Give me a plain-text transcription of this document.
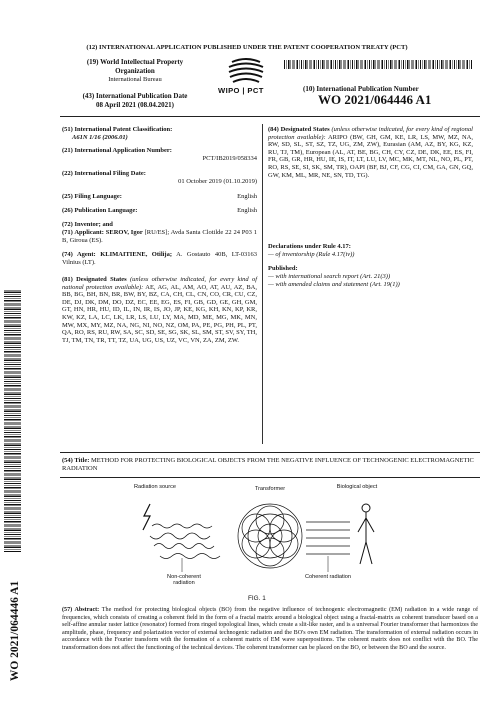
(12) INTERNATIONAL APPLICATION PUBLISHED UNDER THE PATENT COOPERATION TREATY (PCT)
(19) World Intellectual Property
Organization
International Bureau
WIPO | PCT
(43) International Publication Date
08 April 2021 (08.04.2021)
(10) International Publication Number
WO 2021/064446 A1
(51) International Patent Classification:
A61N 1/16 (2006.01)
(21) International Application Number:
PCT/IB2019/058334
(22) International Filing Date:
01 October 2019 (01.10.2019)
(25) Filing Language:	English
(26) Publication Language:	English
(72) Inventor; and
(71) Applicant: SEROV, Igor [RU/ES]; Avda Santa Clotilde 22 24 P03 1 B, Giroua (ES).
(74) Agent: KLIMAITIENE, Otilija; A. Gostauto 40B, LT-03163 Vilnius (LT).
(81) Designated States (unless otherwise indicated, for every kind of national protection available): AE, AG, AL, AM, AO, AT, AU, AZ, BA, BB, BG, BH, BN, BR, BW, BY, BZ, CA, CH, CL, CN, CO, CR, CU, CZ, DE, DJ, DK, DM, DO, DZ, EC, EE, EG, ES, FI, GB, GD, GE, GH, GM, GT, HN, HR, HU, ID, IL, IN, IR, IS, JO, JP, KE, KG, KH, KN, KP, KR, KW, KZ, LA, LC, LK, LR, LS, LU, LY, MA, MD, ME, MG, MK, MN, MW, MX, MY, MZ, NA, NG, NI, NO, NZ, OM, PA, PE, PG, PH, PL, PT, QA, RO, RS, RU, RW, SA, SC, SD, SE, SG, SK, SL, SM, ST, SV, SY, TH, TJ, TM, TN, TR, TT, TZ, UA, UG, US, UZ, VC, VN, ZA, ZM, ZW.
(84) Designated States (unless otherwise indicated, for every kind of regional protection available): ARIPO (BW, GH, GM, KE, LR, LS, MW, MZ, NA, RW, SD, SL, ST, SZ, TZ, UG, ZM, ZW), Eurasian (AM, AZ, BY, KG, KZ, RU, TJ, TM), European (AL, AT, BE, BG, CH, CY, CZ, DE, DK, EE, ES, FI, FR, GB, GR, HR, HU, IE, IS, IT, LT, LU, LV, MC, MK, MT, NL, NO, PL, PT, RO, RS, SE, SI, SK, SM, TR), OAPI (BF, BJ, CF, CG, CI, CM, GA, GN, GQ, GW, KM, ML, MR, NE, SN, TD, TG).
Declarations under Rule 4.17:
— of inventorship (Rule 4.17(iv))
Published:
— with international search report (Art. 21(3))
— with amended claims and statement (Art. 19(1))
WO 2021/064446 A1
(54) Title: METHOD FOR PROTECTING BIOLOGICAL OBJECTS FROM THE NEGATIVE INFLUENCE OF TECHNOGENIC ELECTROMAGNETIC RADIATION
Radiation source	Transformer	Biological object
Non-coherent radiation
Coherent radiation
FIG. 1
(57) Abstract: The method for protecting biological objects (BO) from the negative influence of technogenic electromagnetic (EM) radiation in a wide range of frequencies, which consists of creating a coherent field in the form of a fractal matrix around a biological object using a fractal-matrix as coherent transducer based on a self-affine annular raster lattice (resonator) formed from ringed topological lines, which create a slit-like raster, and is a universal Fourier transformer that harmonizes the amplitude, phase, frequency and polarization vector of external technogenic radiation and the BO's own EM radiation. The transformation of external radiation occurs in accordance with the Fourier transform with the formation of a coherent matrix of EM wave superpositions. The coherent matrix does not conflict with the BO. The transformation does not affect the functioning of the technical devices. The coherent transformer can be placed on the BO, or between the BO and the source.
